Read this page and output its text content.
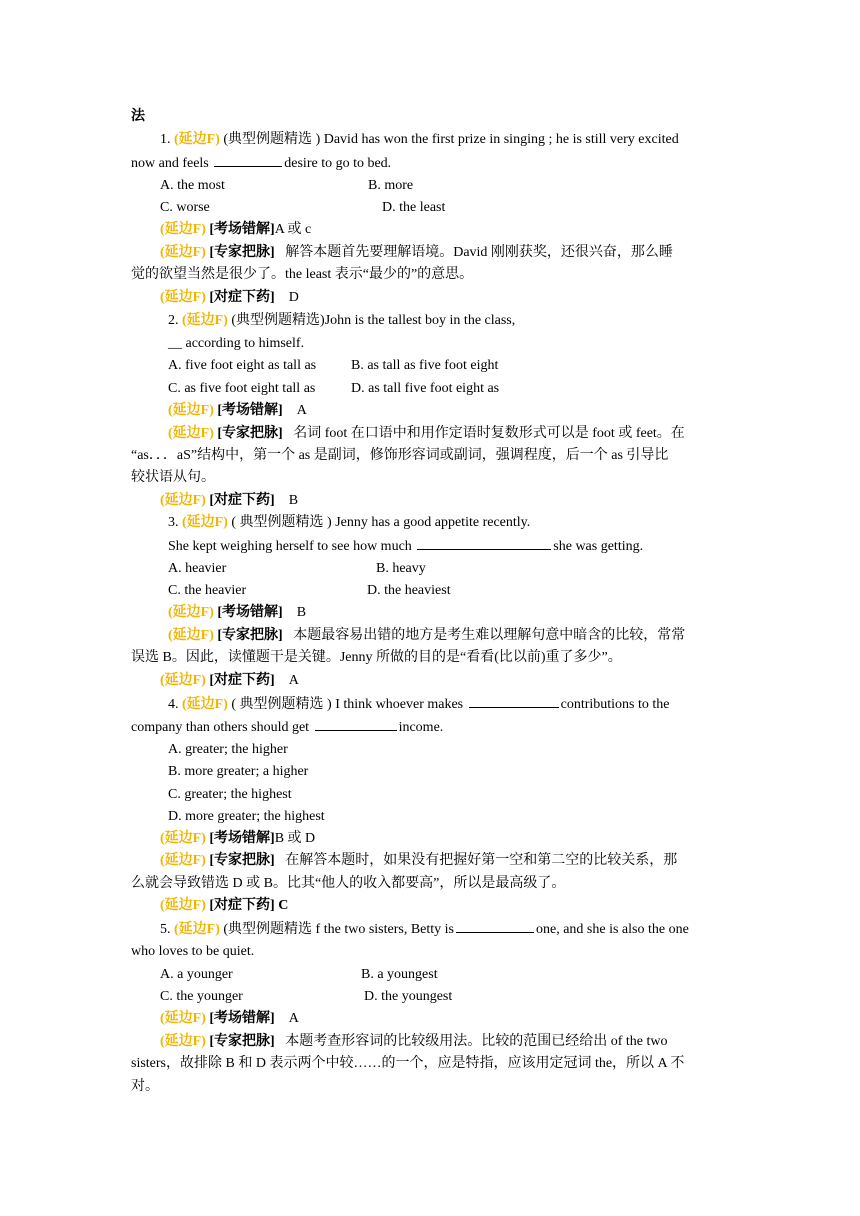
法
1. (延边F) (典型例题精选 ) David has won the first prize in singing ; he is still very excited
now and feels	desire to go to bed.
A. the most	B. more
C. worse	D. the least
(延边F) [考场错解]A 或 c
(延边F) [专家把脉] 解答本题首先要理解语境。David 刚刚获奖，还很兴奋，那么睡
觉的欲望当然是很少了。the least 表示“最少的”的意思。
(延边F) [对症下药] D
2. (延边F) (典型例题精选)John is the tallest boy in the class,
__ according to himself.
A. five foot eight as tall as	B. as tall as five foot eight
C. as five foot eight tall as	D. as tall five foot eight as
(延边F) [考场错解] A
(延边F) [专家把脉] 名词 foot 在口语中和用作定语时复数形式可以是 foot 或 feet。在
“as．．．aS”结构中，第一个 as 是副词，修饰形容词或副词，强调程度，后一个 as 引导比
较状语从句。
(延边F) [对症下药] B
3. (延边F) ( 典型例题精选 ) Jenny has a good appetite recently.
She kept weighing herself to see how much	she was getting.
A. heavier	B. heavy
C. the heavier	D. the heaviest
(延边F) [考场错解] B
(延边F) [专家把脉] 本题最容易出错的地方是考生难以理解句意中暗含的比较，常常
误选 B。因此，读懂题干是关键。Jenny 所做的目的是“看看(比以前)重了多少”。
(延边F) [对症下药] A
4. (延边F) ( 典型例题精选 ) I think whoever makes	contributions to the
company than others should get	income.
A. greater; the higher
B. more greater; a higher
C. greater; the highest
D. more greater; the highest
(延边F) [考场错解]B 或 D
(延边F) [专家把脉] 在解答本题时，如果没有把握好第一空和第二空的比较关系，那
么就会导致错选 D 或 B。比其“他人的收入都要高”，所以是最高级了。
(延边F) [对症下药] C
5. (延边F) (典型例题精选 f the two sisters, Betty is	one, and she is also the one
who loves to be quiet.
A. a younger	B. a youngest
C. the younger	D. the youngest
(延边F) [考场错解] A
(延边F) [专家把脉] 本题考查形容词的比较级用法。比较的范围已经给出 of the two
sisters，故排除 B 和 D 表示两个中较……的一个，应是特指，应该用定冠词 the，所以 A 不
对。
